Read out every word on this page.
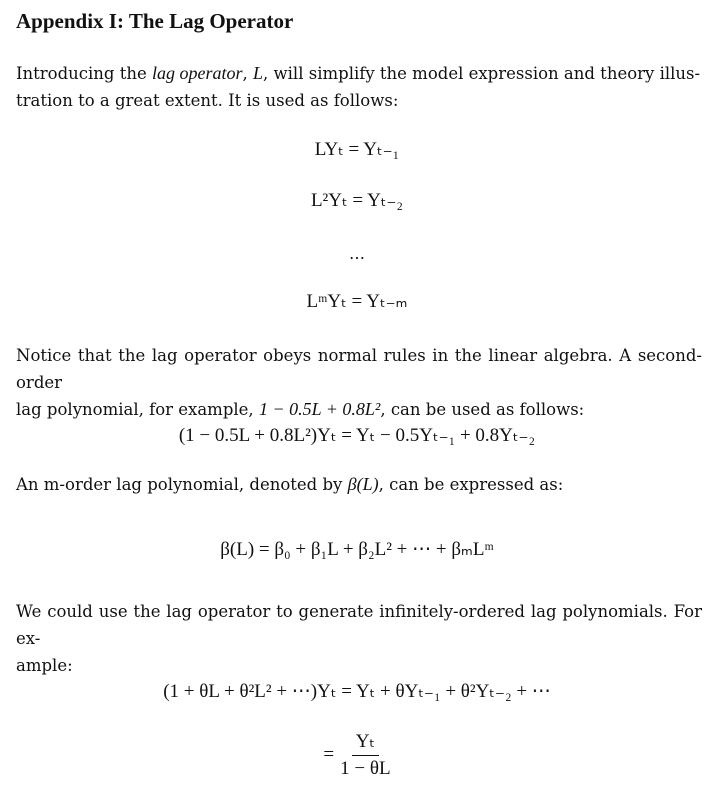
Appendix I: The Lag Operator
Introducing the lag operator, L, will simplify the model expression and theory illus-
tration to a great extent. It is used as follows:
LYₜ = Yₜ₋₁
L²Yₜ = Yₜ₋₂
…
LᵐYₜ = Yₜ₋ₘ
Notice that the lag operator obeys normal rules in the linear algebra. A second-order
lag polynomial, for example, 1 − 0.5L + 0.8L², can be used as follows:
(1 − 0.5L + 0.8L²)Yₜ = Yₜ − 0.5Yₜ₋₁ + 0.8Yₜ₋₂
An m-order lag polynomial, denoted by β(L), can be expressed as:
β(L) = β₀ + β₁L + β₂L² + ⋯ + βₘLᵐ
We could use the lag operator to generate infinitely-ordered lag polynomials. For ex-
ample:
(1 + θL + θ²L² + ⋯)Yₜ = Yₜ + θYₜ₋₁ + θ²Yₜ₋₂ + ⋯
= $\frac{\text{Yₜ}}{1 - \theta L}$
